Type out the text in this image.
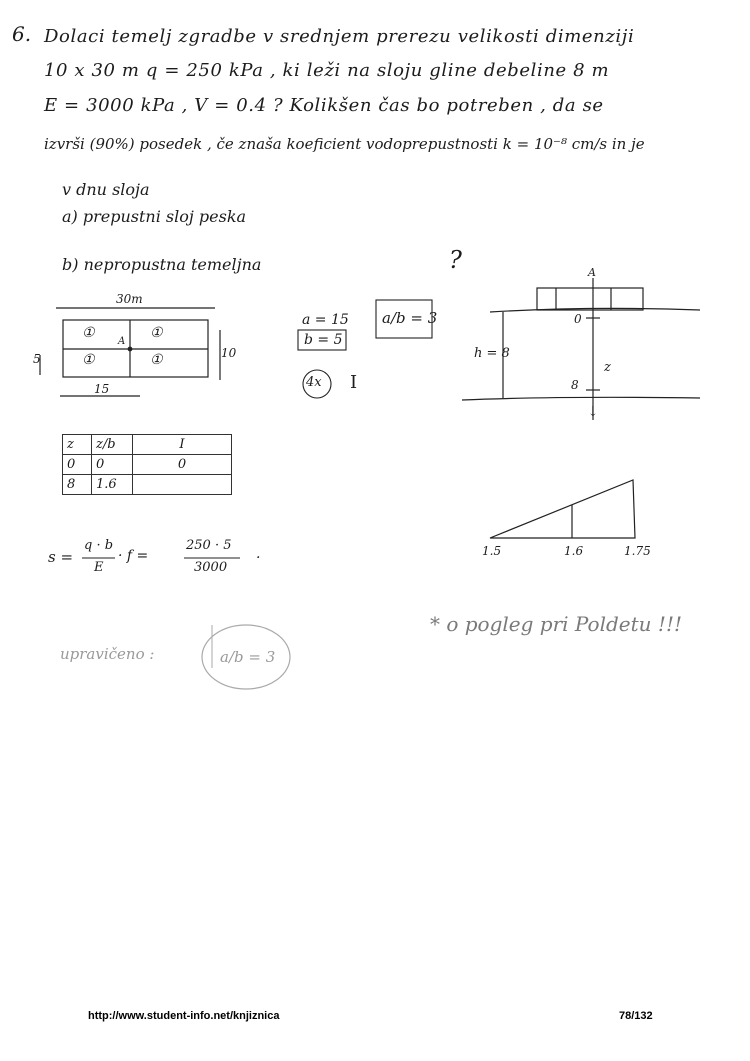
6. Dolaci temelj zgradbe v srednjem prerezu velikosti dimenziji
10 x 30 m q = 250 kPa , ki leži na sloju gline debeline 8 m
E = 3000 kPa , V = 0.4 ? Kolikšen čas bo potreben , da se
izvrši (90%) posedek , če znaša koeficient vodoprepustnosti k = 10⁻⁸ cm/s in je
v dnu sloja
a) prepustni sloj peska
b) nepropustna temeljna	?
30m
5	10
15
A
①	①
①	①
a = 15
b = 5
a/b = 3
4x I
A
h = 8
0
8
z
↓
z	z/b	I
0	0	0
8	1.6	
1.5	1.6	1.75
s =
q · b
E
· f =
250 · 5
3000
.
* o pogleg pri Poldetu !!!
upravičeno :	a/b = 3
http://www.student-info.net/knjiznica	78/132
